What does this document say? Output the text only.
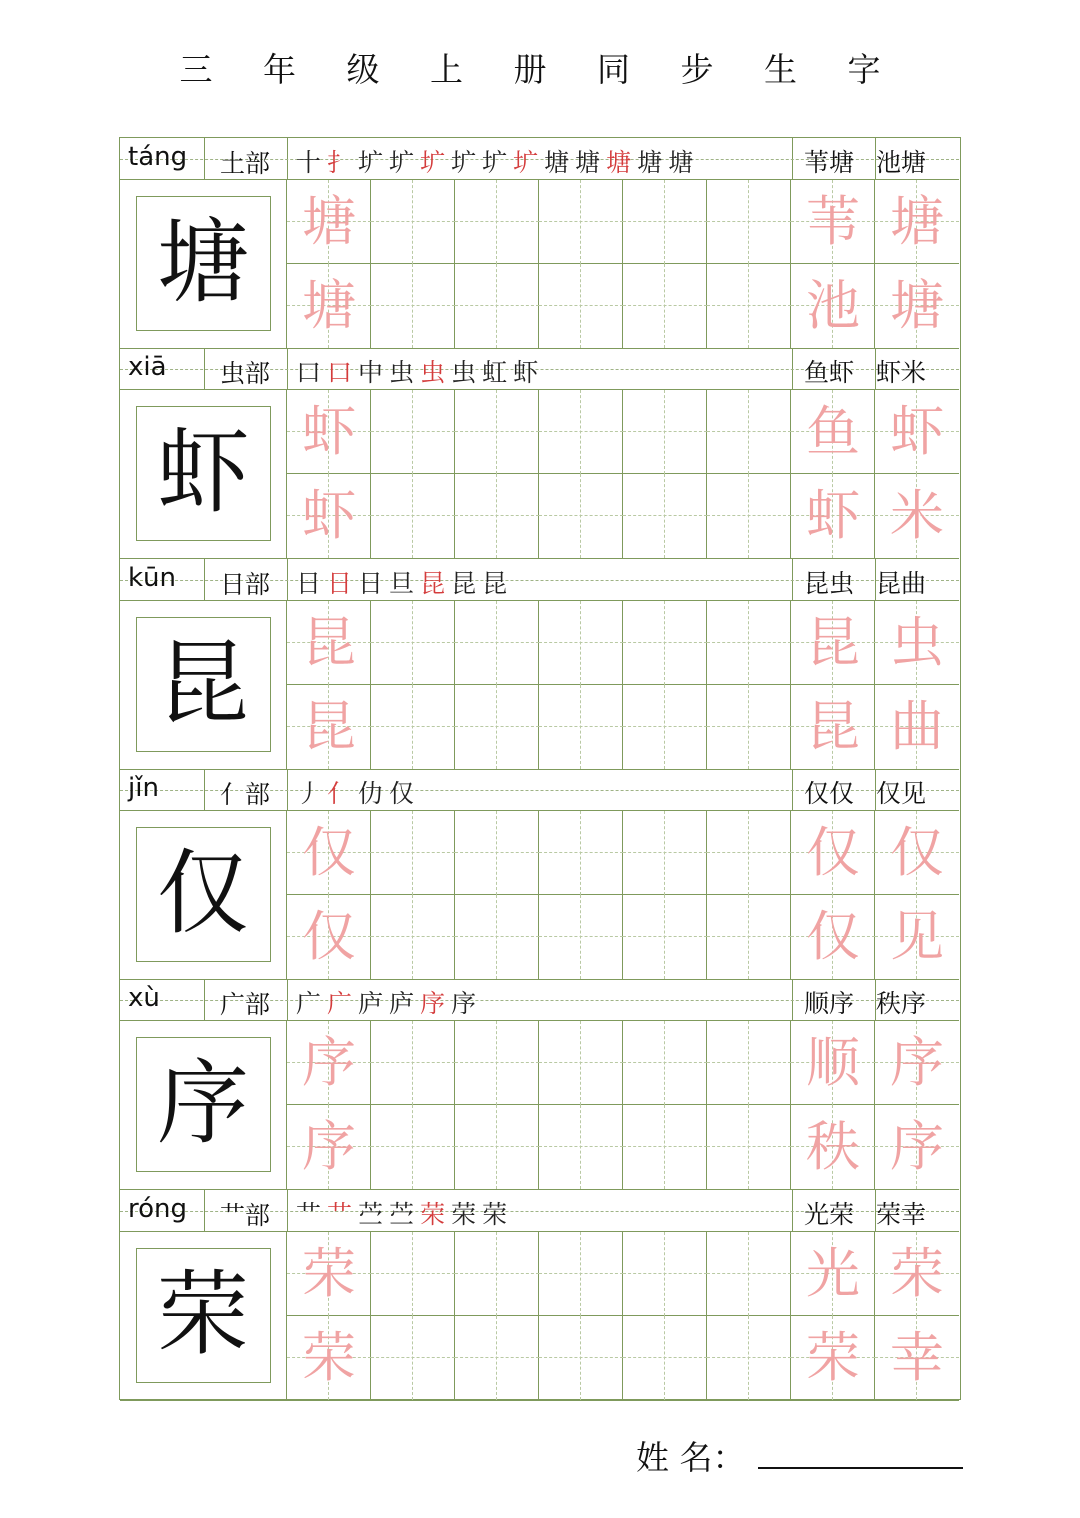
三 年 级 上 册 同 步 生 字
táng 土部 十扌圹圹圹圹圹圹塘塘塘塘塘	苇塘 池塘
塘 塘	苇 塘
塘	池 塘
xiā 虫部 口口中虫虫虫虹虾	鱼虾 虾米
虾 虾	鱼 虾
虾	虾 米
kūn 日部 日日日旦昆昆昆	昆虫 昆曲
昆 昆	昆 虫
昆	昆 曲
jǐn 亻部 丿亻仂仅	仅仅 仅见
仅 仅	仅 仅
仅	仅 见
xù 广部 广广庐庐序序	顺序 秩序
序 序	顺 序
序	秩 序
róng 艹部 艹艹苎苎荣荣荣	光荣 荣幸
荣 荣	光 荣
荣	荣 幸
姓 名：
